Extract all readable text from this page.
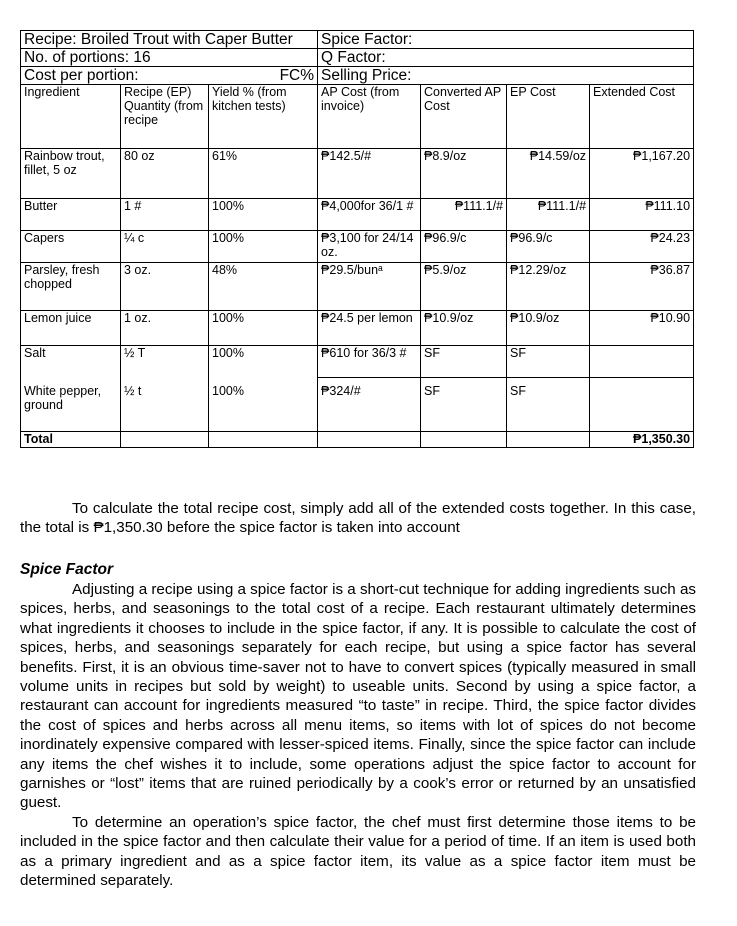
Recipe: Broiled Trout with Caper Butter			Spice Factor:			
No. of portions: 16			Q Factor:			

Cost per portion: FC%			Selling Price:			
Ingredient	Recipe (EP) Quantity (from recipe	Yield % (from kitchen tests)	AP Cost (from invoice)	Converted AP Cost	EP Cost	Extended Cost
Rainbow trout, fillet, 5 oz	80 oz	61%	₱142.5/#	₱8.9/oz	₱14.59/oz	₱1,167.20
Butter	1 #	100%	₱4,000for 36/1 #	₱111.1/#	₱111.1/#	₱111.10
Capers	¼ c	100%	₱3,100 for 24/14 oz.	₱96.9/c	₱96.9/c	₱24.23
Parsley, fresh chopped	3 oz.	48%	₱29.5/bunᵃ	₱5.9/oz	₱12.29/oz	₱36.87
Lemon juice	1 oz.	100%	₱24.5 per lemon	₱10.9/oz	₱10.9/oz	₱10.90
Salt	½ T	100%	₱610 for 36/3 #	SF	SF	

White pepper, ground	½ t	100%	₱324/#	SF	SF	
Total						₱1,350.30
To calculate the total recipe cost, simply add all of the extended costs together. In this case, the total is ₱1,350.30 before the spice factor is taken into account
Spice Factor

Adjusting a recipe using a spice factor is a short-cut technique for adding ingredients such as spices, herbs, and seasonings to the total cost of a recipe. Each restaurant ultimately determines what ingredients it chooses to include in the spice factor, if any. It is possible to calculate the cost of spices, herbs, and seasonings separately for each recipe, but using a spice factor has several benefits. First, it is an obvious time-saver not to have to convert spices (typically measured in small volume units in recipes but sold by weight) to useable units. Second by using a spice factor, a restaurant can account for ingredients measured “to taste” in recipe. Third, the spice factor divides the cost of spices and herbs across all menu items, so items with lot of spices do not become inordinately expensive compared with lesser-spiced items. Finally, since the spice factor can include any items the chef wishes it to include, some operations adjust the spice factor to account for garnishes or “lost” items that are ruined periodically by a cook’s error or returned by an unsatisfied guest.

To determine an operation’s spice factor, the chef must first determine those items to be included in the spice factor and then calculate their value for a period of time. If an item is used both as a primary ingredient and as a spice factor item, its value as a spice factor item must be determined separately.
